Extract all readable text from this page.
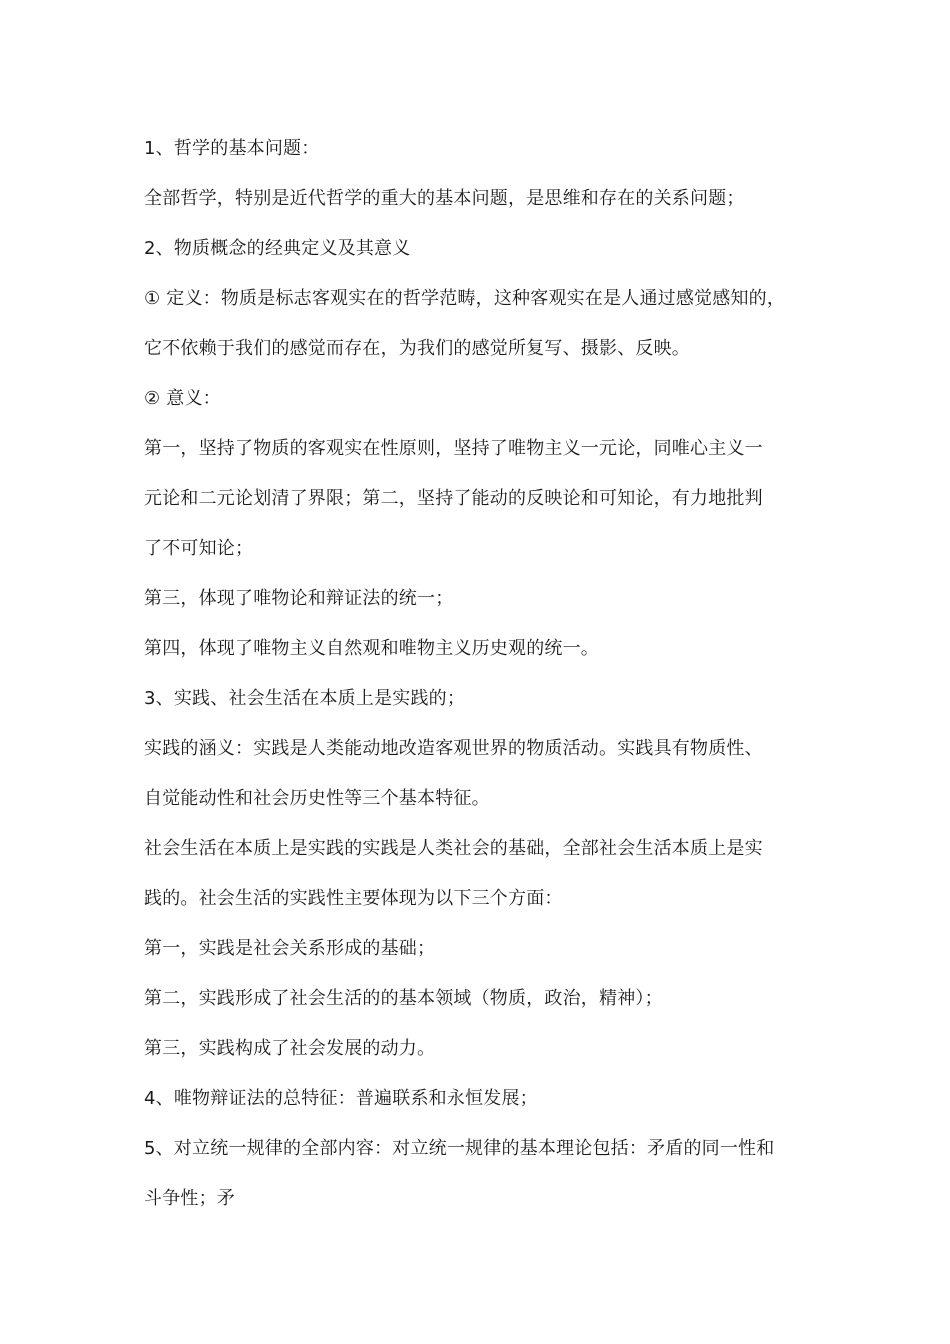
1、哲学的基本问题：
全部哲学，特别是近代哲学的重大的基本问题，是思维和存在的关系问题；
2、物质概念的经典定义及其意义
① 定义：物质是标志客观实在的哲学范畴，这种客观实在是人通过感觉感知的，
它不依赖于我们的感觉而存在，为我们的感觉所复写、摄影、反映。
② 意义：
第一，坚持了物质的客观实在性原则，坚持了唯物主义一元论，同唯心主义一
元论和二元论划清了界限；第二，坚持了能动的反映论和可知论，有力地批判
了不可知论；
第三，体现了唯物论和辩证法的统一；
第四，体现了唯物主义自然观和唯物主义历史观的统一。
3、实践、社会生活在本质上是实践的；
实践的涵义：实践是人类能动地改造客观世界的物质活动。实践具有物质性、
自觉能动性和社会历史性等三个基本特征。
社会生活在本质上是实践的实践是人类社会的基础，全部社会生活本质上是实
践的。社会生活的实践性主要体现为以下三个方面：
第一，实践是社会关系形成的基础；
第二，实践形成了社会生活的的基本领域（物质，政治，精神）；
第三，实践构成了社会发展的动力。
4、唯物辩证法的总特征：普遍联系和永恒发展；
5、对立统一规律的全部内容：对立统一规律的基本理论包括：矛盾的同一性和
斗争性；矛
